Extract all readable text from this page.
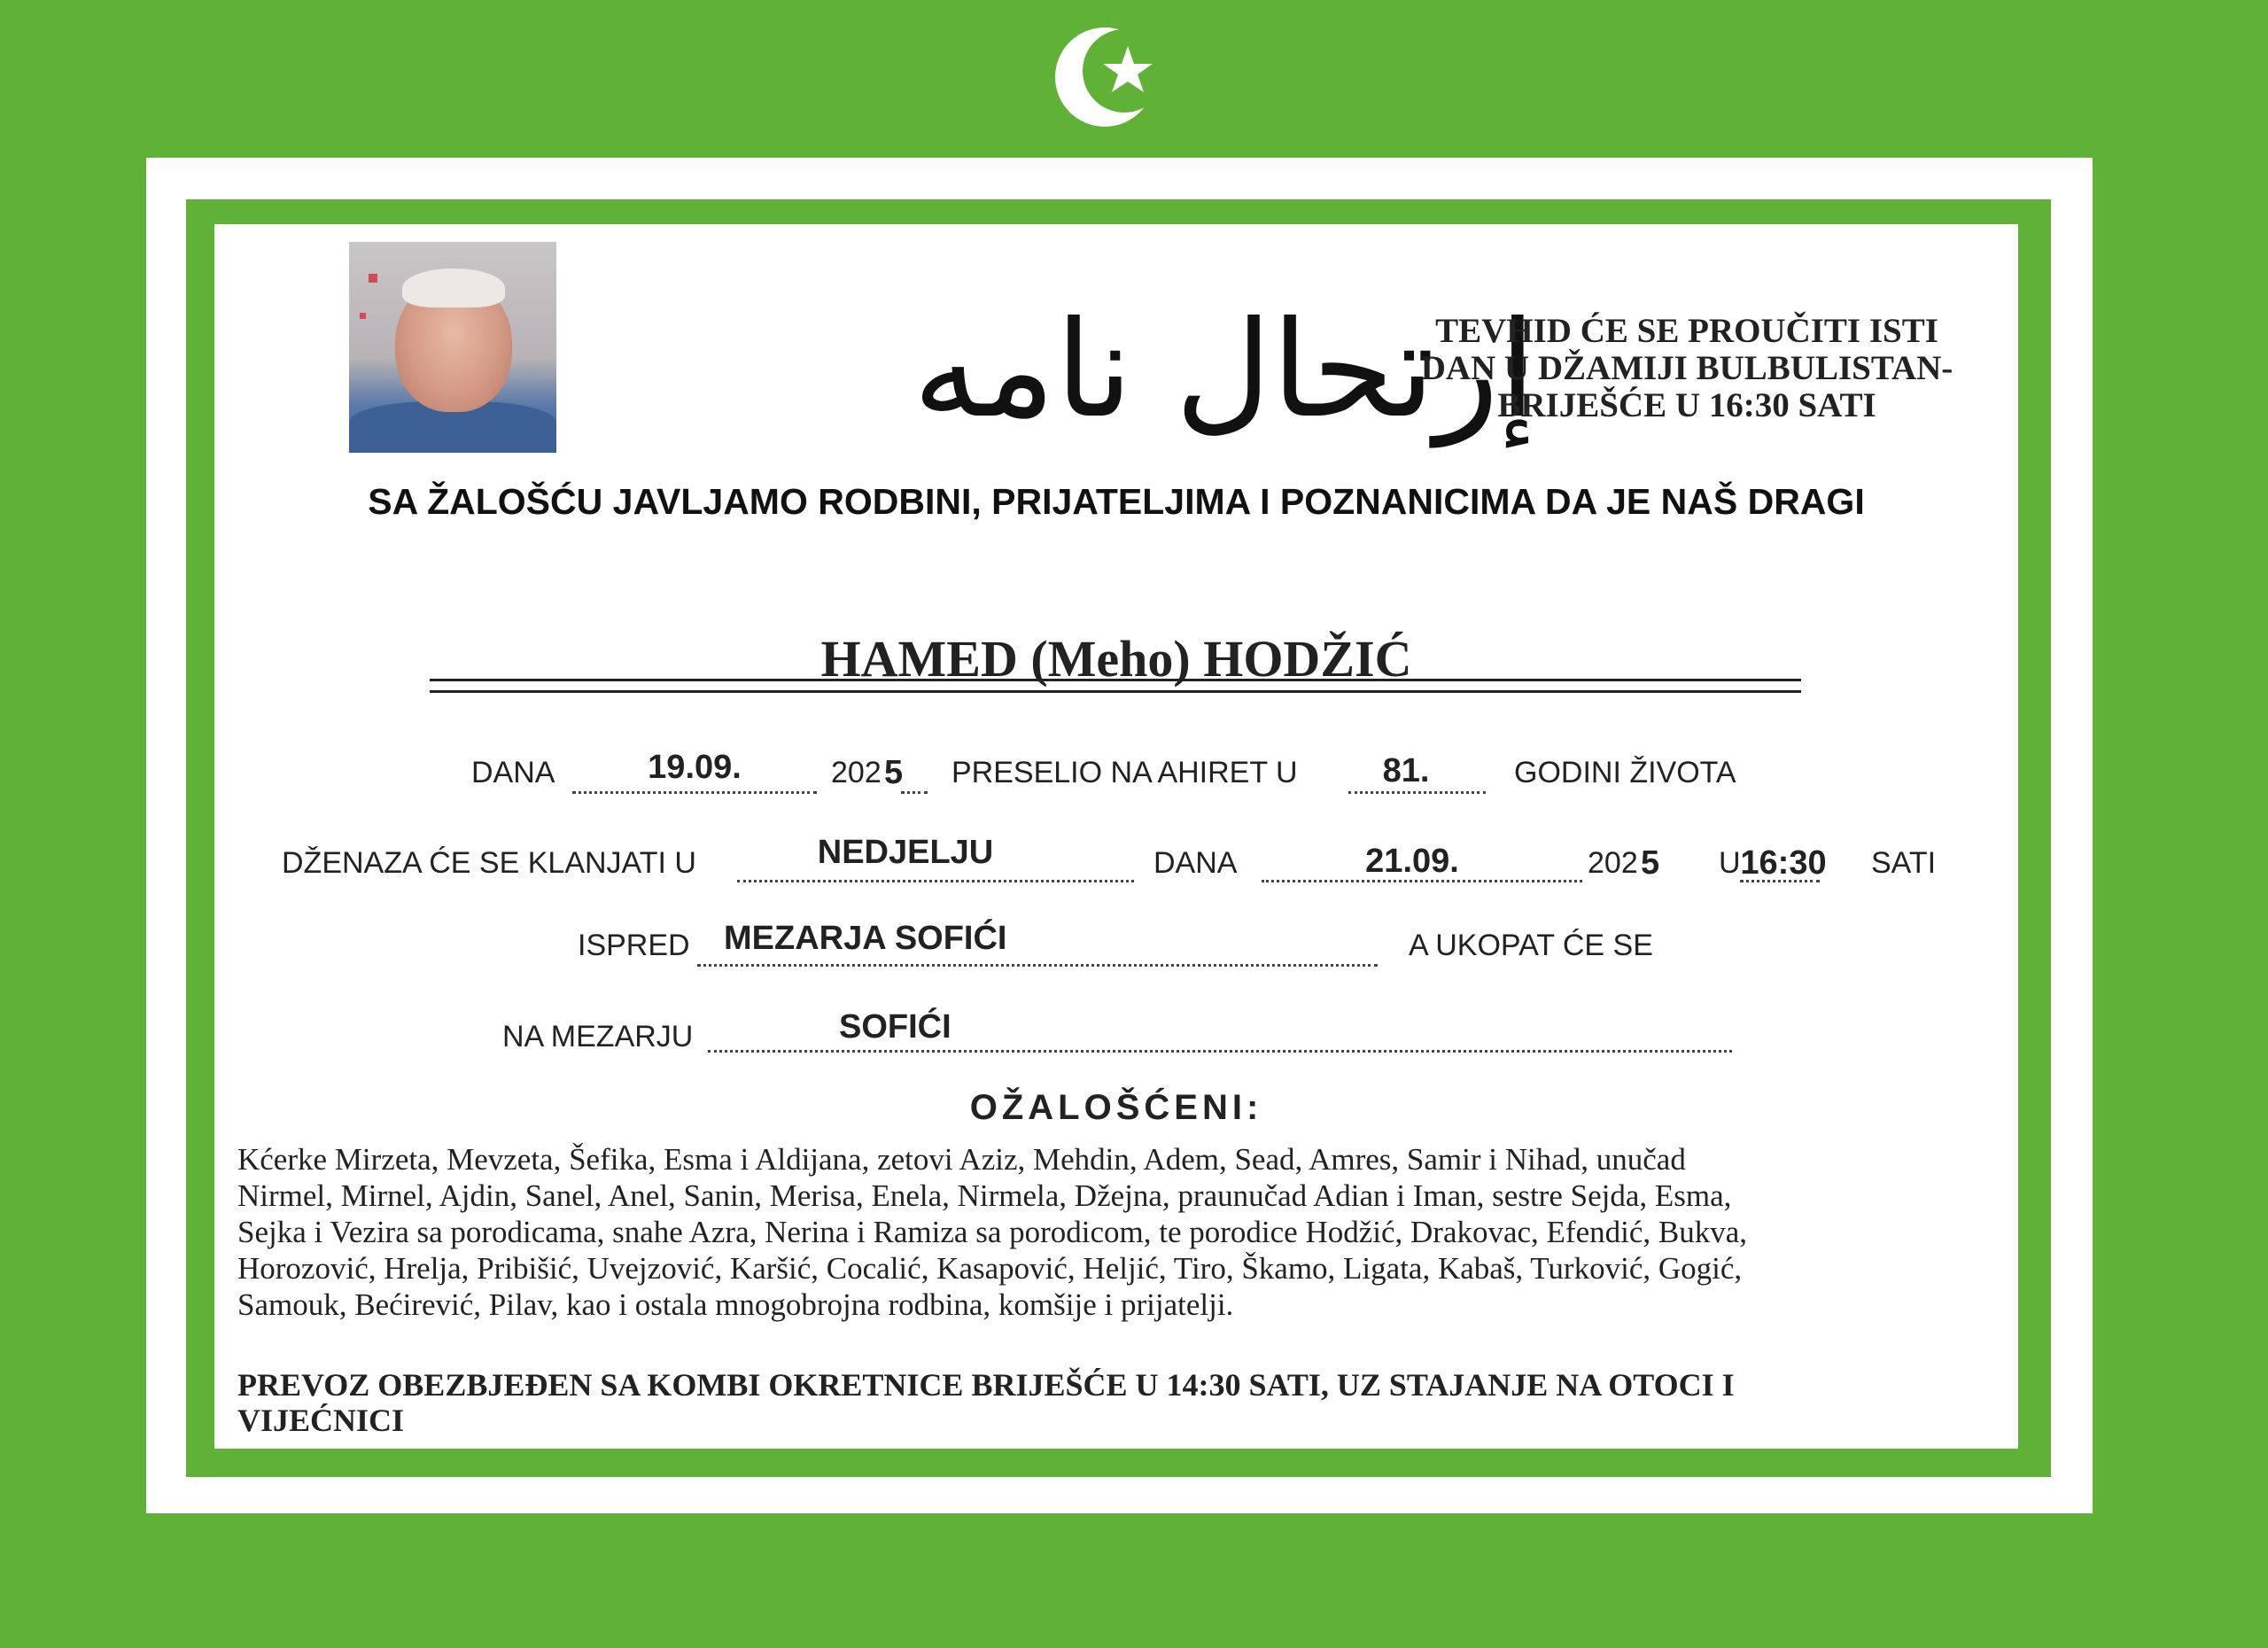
إرتحال نامه
TEVHID ĆE SE PROUČITI ISTI
DAN U DŽAMIJI BULBULISTAN-
BRIJEŠĆE U 16:30 SATI
SA ŽALOŠĆU JAVLJAMO RODBINI, PRIJATELJIMA I POZNANICIMA DA JE NAŠ DRAGI
HAMED (Meho) HODŽIĆ
DANA	19.09.	202 5 PRESELIO NA AHIRET U	81.	GODINI ŽIVOTA
DŽENAZA ĆE SE KLANJATI U	NEDJELJU	DANA	21.09.	202 5 U 16:30	SATI
ISPRED MEZARJA SOFIĆI	A UKOPAT ĆE SE
NA MEZARJU	SOFIĆI
OŽALOŠĆENI:
Kćerke Mirzeta, Mevzeta, Šefika, Esma i Aldijana, zetovi Aziz, Mehdin, Adem, Sead, Amres, Samir i Nihad, unučad
Nirmel, Mirnel, Ajdin, Sanel, Anel, Sanin, Merisa, Enela, Nirmela, Džejna, praunučad Adian i Iman, sestre Sejda, Esma,
Sejka i Vezira sa porodicama, snahe Azra, Nerina i Ramiza sa porodicom, te porodice Hodžić, Drakovac, Efendić, Bukva,
Horozović, Hrelja, Pribišić, Uvejzović, Karšić, Cocalić, Kasapović, Heljić, Tiro, Škamo, Ligata, Kabaš, Turković, Gogić,
Samouk, Bećirević, Pilav, kao i ostala mnogobrojna rodbina, komšije i prijatelji.
PREVOZ OBEZBJEĐEN SA KOMBI OKRETNICE BRIJEŠĆE U 14:30 SATI, UZ STAJANJE NA OTOCI I
VIJEĆNICI
